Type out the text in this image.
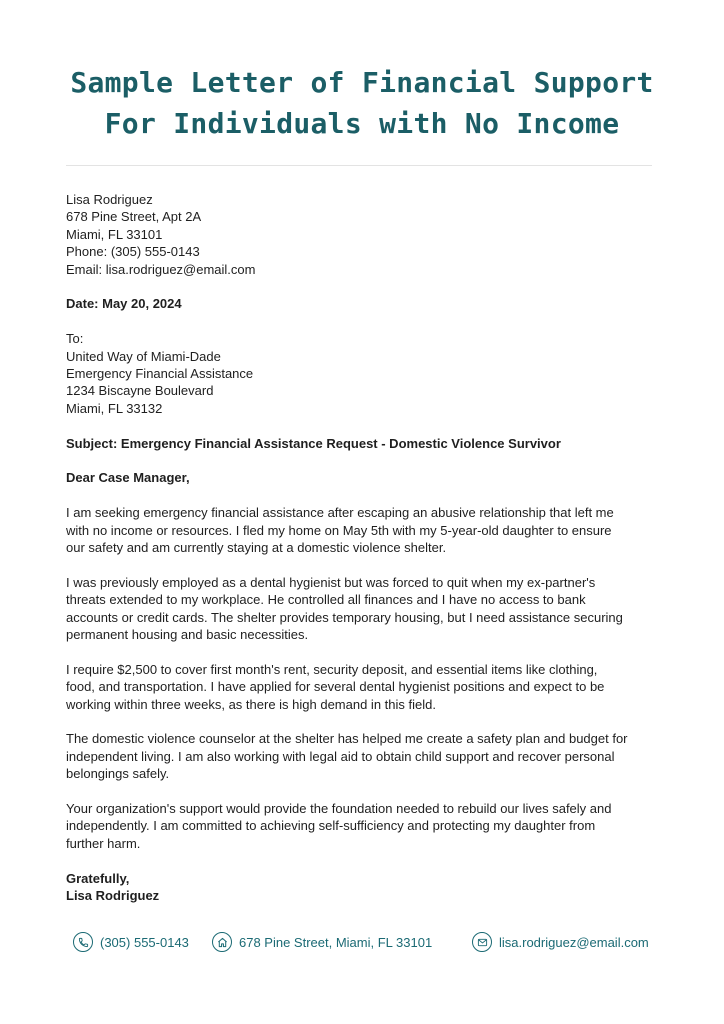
Sample Letter of Financial Support
For Individuals with No Income
Lisa Rodriguez
678 Pine Street, Apt 2A
Miami, FL 33101
Phone: (305) 555-0143
Email: lisa.rodriguez@email.com
Date: May 20, 2024
To:
United Way of Miami-Dade
Emergency Financial Assistance
1234 Biscayne Boulevard
Miami, FL 33132
Subject: Emergency Financial Assistance Request - Domestic Violence Survivor
Dear Case Manager,
I am seeking emergency financial assistance after escaping an abusive relationship that left me
with no income or resources. I fled my home on May 5th with my 5-year-old daughter to ensure
our safety and am currently staying at a domestic violence shelter.
I was previously employed as a dental hygienist but was forced to quit when my ex-partner's
threats extended to my workplace. He controlled all finances and I have no access to bank
accounts or credit cards. The shelter provides temporary housing, but I need assistance securing
permanent housing and basic necessities.
I require $2,500 to cover first month's rent, security deposit, and essential items like clothing,
food, and transportation. I have applied for several dental hygienist positions and expect to be
working within three weeks, as there is high demand in this field.
The domestic violence counselor at the shelter has helped me create a safety plan and budget for
independent living. I am also working with legal aid to obtain child support and recover personal
belongings safely.
Your organization's support would provide the foundation needed to rebuild our lives safely and
independently. I am committed to achieving self-sufficiency and protecting my daughter from
further harm.
Gratefully,
Lisa Rodriguez
(305) 555-0143	678 Pine Street, Miami, FL 33101	lisa.rodriguez@email.com
